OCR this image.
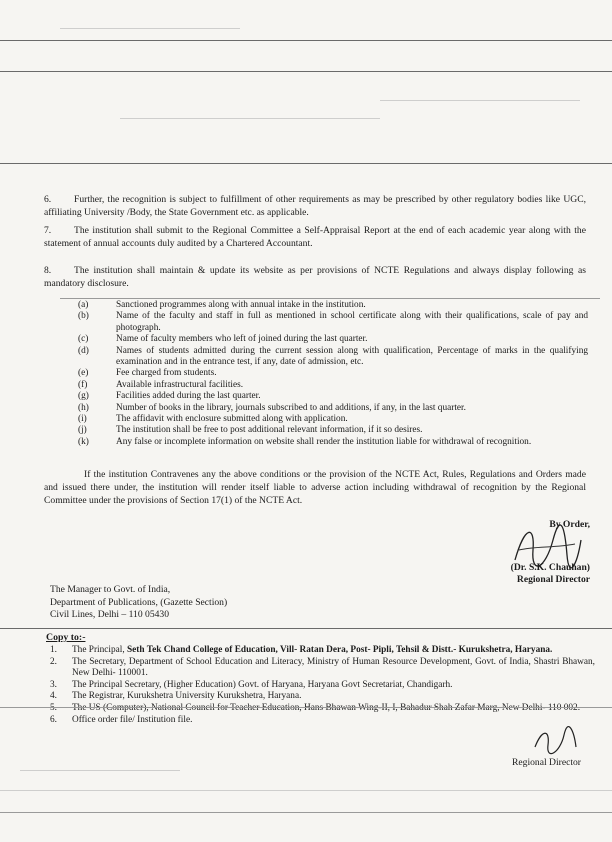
6. Further, the recognition is subject to fulfillment of other requirements as may be prescribed by other regulatory bodies like UGC, affiliating University /Body, the State Government etc. as applicable.
7. The institution shall submit to the Regional Committee a Self-Appraisal Report at the end of each academic year along with the statement of annual accounts duly audited by a Chartered Accountant.
8. The institution shall maintain & update its website as per provisions of NCTE Regulations and always display following as mandatory disclosure.
(a)	Sanctioned programmes along with annual intake in the institution.
(b)	Name of the faculty and staff in full as mentioned in school certificate along with their qualifications, scale of pay and photograph.
(c)	Name of faculty members who left of joined during the last quarter.
(d)	Names of students admitted during the current session along with qualification, Percentage of marks in the qualifying examination and in the entrance test, if any, date of admission, etc.
(e)	Fee charged from students.
(f)	Available infrastructural facilities.
(g)	Facilities added during the last quarter.
(h)	Number of books in the library, journals subscribed to and additions, if any, in the last quarter.
(i)	The affidavit with enclosure submitted along with application.
(j)	The institution shall be free to post additional relevant information, if it so desires.
(k)	Any false or incomplete information on website shall render the institution liable for withdrawal of recognition.
If the institution Contravenes any the above conditions or the provision of the NCTE Act, Rules, Regulations and Orders made and issued there under, the institution will render itself liable to adverse action including withdrawal of recognition by the Regional Committee under the provisions of Section 17(1) of the NCTE Act.
By Order,
(Dr. S.K. Chauhan)
Regional Director
The Manager to Govt. of India,
Department of Publications, (Gazette Section)
Civil Lines, Delhi – 110 05430
Copy to:-
1.	The Principal, Seth Tek Chand College of Education, Vill- Ratan Dera, Post- Pipli, Tehsil & Distt.- Kurukshetra, Haryana.
2.	The Secretary, Department of School Education and Literacy, Ministry of Human Resource Development, Govt. of India, Shastri Bhawan, New Delhi- 110001.
3.	The Principal Secretary, (Higher Education) Govt. of Haryana, Haryana Govt Secretariat, Chandigarh.
4.	The Registrar, Kurukshetra University Kurukshetra, Haryana.
5.	The US (Computer), National Council for Teacher Education, Hans Bhawan Wing-II, I, Bahadur Shah Zafar Marg, New Delhi- 110 002.
6.	Office order file/ Institution file.
Regional Director
